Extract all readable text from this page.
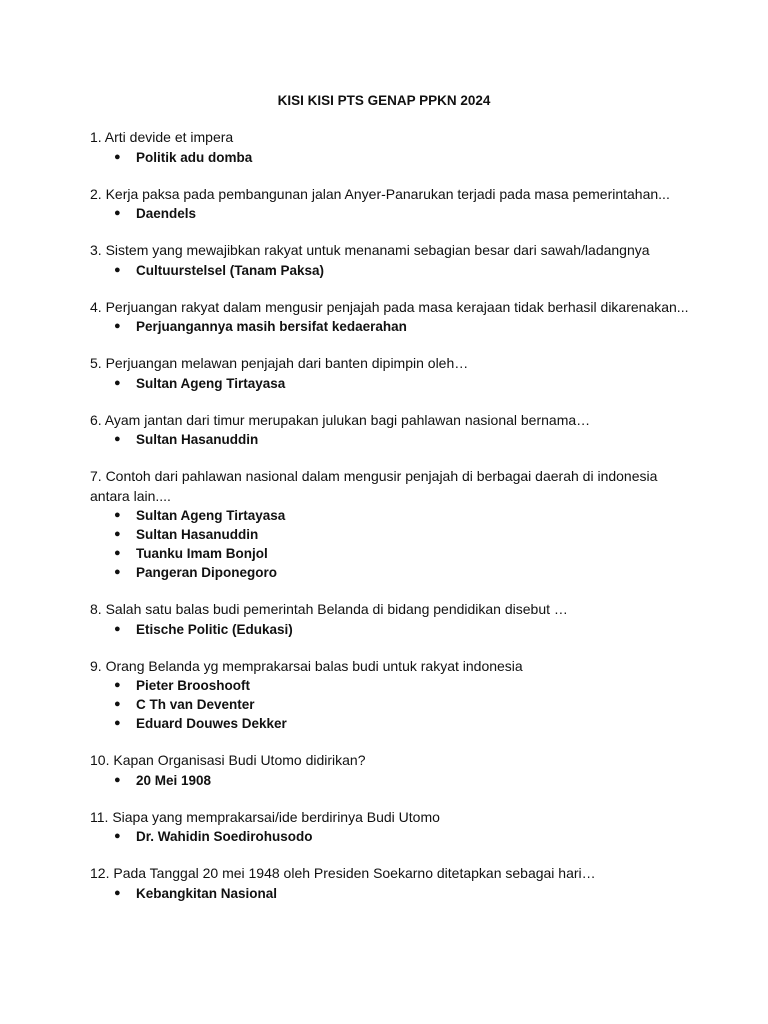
KISI KISI PTS GENAP PPKN 2024

1. Arti devide et impera

● Politik adu domba

2. Kerja paksa pada pembangunan jalan Anyer-Panarukan terjadi pada masa pemerintahan...

● Daendels

3. Sistem yang mewajibkan rakyat untuk menanami sebagian besar dari sawah/ladangnya

● Cultuurstelsel (Tanam Paksa)

4. Perjuangan rakyat dalam mengusir penjajah pada masa kerajaan tidak berhasil dikarenakan...

● Perjuangannya masih bersifat kedaerahan

5. Perjuangan melawan penjajah dari banten dipimpin oleh…

● Sultan Ageng Tirtayasa

6. Ayam jantan dari timur merupakan julukan bagi pahlawan nasional bernama…

● Sultan Hasanuddin

7. Contoh dari pahlawan nasional dalam mengusir penjajah di berbagai daerah di indonesia antara lain....

● Sultan Ageng Tirtayasa
● Sultan Hasanuddin
● Tuanku Imam Bonjol
● Pangeran Diponegoro

8. Salah satu balas budi pemerintah Belanda di bidang pendidikan disebut …

● Etische Politic (Edukasi)

9. Orang Belanda yg memprakarsai balas budi untuk rakyat indonesia

● Pieter Brooshooft
● C Th van Deventer
● Eduard Douwes Dekker

10. Kapan Organisasi Budi Utomo didirikan?

● 20 Mei 1908

11. Siapa yang memprakarsai/ide berdirinya Budi Utomo

● Dr. Wahidin Soedirohusodo

12. Pada Tanggal 20 mei 1948 oleh Presiden Soekarno ditetapkan sebagai hari…

● Kebangkitan Nasional
